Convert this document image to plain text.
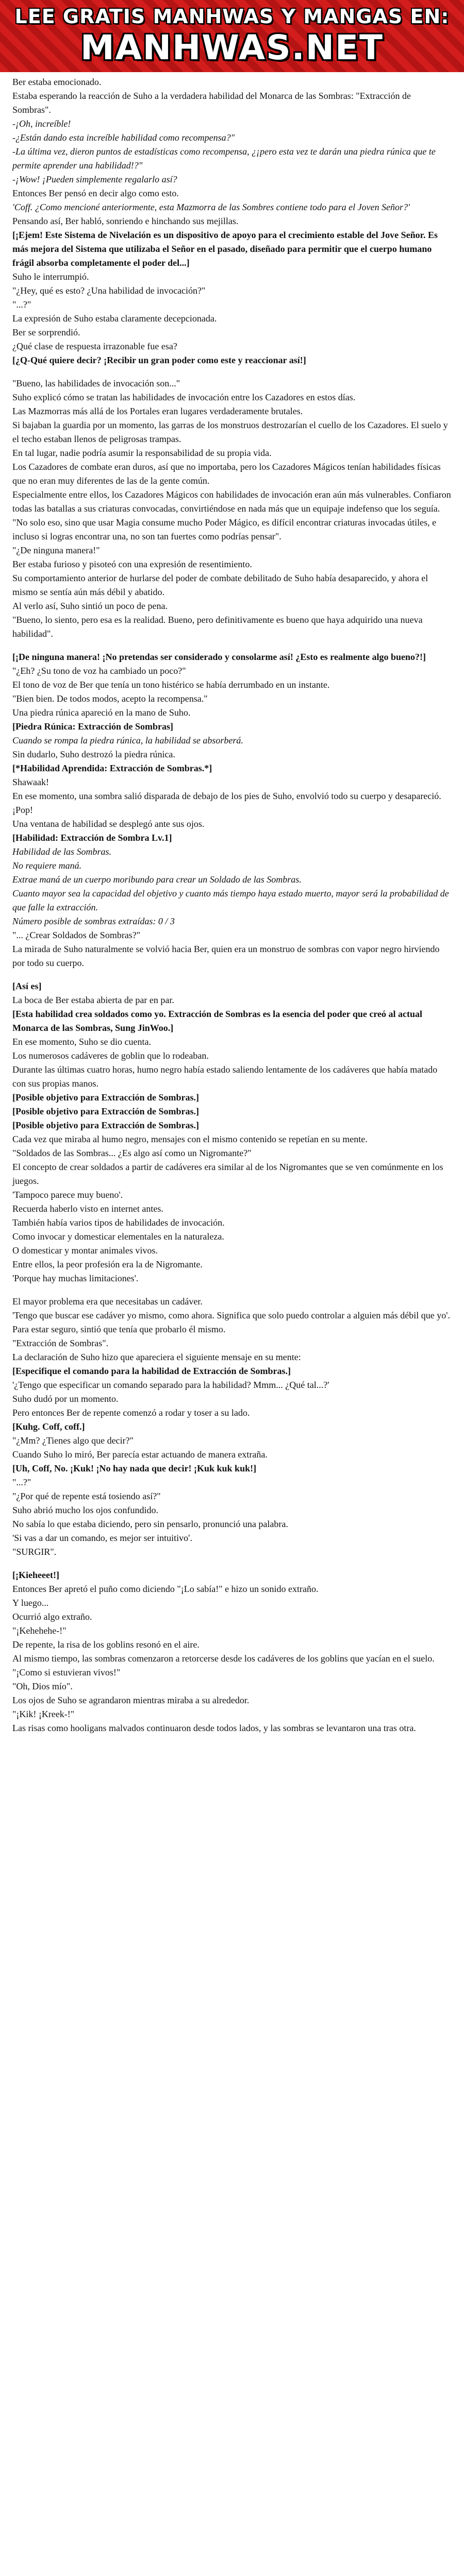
LEE GRATIS MANHWAS Y MANGAS EN:
MANHWAS.NET

Ber estaba emocionado.

Estaba esperando la reacción de Suho a la verdadera habilidad del Monarca de las Sombras: "Extracción de Sombras".

-¡Oh, increíble!

-¿Están dando esta increíble habilidad como recompensa?"

-La última vez, dieron puntos de estadísticas como recompensa, ¿¡pero esta vez te darán una piedra rúnica que te permite aprender una habilidad!?"

-¡Wow! ¡Pueden simplemente regalarlo así?

Entonces Ber pensó en decir algo como esto.

'Coff. ¿Como mencioné anteriormente, esta Mazmorra de las Sombres contiene todo para el Joven Señor?'

Pensando así, Ber habló, sonriendo e hinchando sus mejillas.

[¡Ejem! Este Sistema de Nivelación es un dispositivo de apoyo para el crecimiento estable del Jove Señor. Es más mejora del Sistema que utilizaba el Señor en el pasado, diseñado para permitir que el cuerpo humano frágil absorba completamente el poder del...]

Suho le interrumpió.

"¿Hey, qué es esto? ¿Una habilidad de invocación?"

"...?"

La expresión de Suho estaba claramente decepcionada.

Ber se sorprendió.

¿Qué clase de respuesta irrazonable fue esa?

[¿Q-Qué quiere decir? ¡Recibir un gran poder como este y reaccionar así!]

"Bueno, las habilidades de invocación son..."

Suho explicó cómo se tratan las habilidades de invocación entre los Cazadores en estos días.

Las Mazmorras más allá de los Portales eran lugares verdaderamente brutales.

Si bajaban la guardia por un momento, las garras de los monstruos destrozarían el cuello de los Cazadores. El suelo y el techo estaban llenos de peligrosas trampas.

En tal lugar, nadie podría asumir la responsabilidad de su propia vida.

Los Cazadores de combate eran duros, así que no importaba, pero los Cazadores Mágicos tenían habilidades físicas que no eran muy diferentes de las de la gente común.

Especialmente entre ellos, los Cazadores Mágicos con habilidades de invocación eran aún más vulnerables. Confiaron todas las batallas a sus criaturas convocadas, convirtiéndose en nada más que un equipaje indefenso que los seguía.

"No solo eso, sino que usar Magia consume mucho Poder Mágico, es difícil encontrar criaturas invocadas útiles, e incluso si logras encontrar una, no son tan fuertes como podrías pensar".

"¿De ninguna manera!"

Ber estaba furioso y pisoteó con una expresión de resentimiento.

Su comportamiento anterior de hurlarse del poder de combate debilitado de Suho había desaparecido, y ahora el mismo se sentía aún más débil y abatido.

Al verlo así, Suho sintió un poco de pena.

"Bueno, lo siento, pero esa es la realidad. Bueno, pero definitivamente es bueno que haya adquirido una nueva habilidad".

[¡De ninguna manera! ¡No pretendas ser considerado y consolarme así! ¿Esto es realmente algo bueno?!]

"¿Eh? ¿Su tono de voz ha cambiado un poco?"

El tono de voz de Ber que tenía un tono histérico se había derrumbado en un instante.

"Bien bien. De todos modos, acepto la recompensa."

Una piedra rúnica apareció en la mano de Suho.

[Piedra Rúnica: Extracción de Sombras]

Cuando se rompa la piedra rúnica, la habilidad se absorberá.

Sin dudarlo, Suho destrozó la piedra rúnica.

[*Habilidad Aprendida: Extracción de Sombras.*]

Shawaak!

En ese momento, una sombra salió disparada de debajo de los pies de Suho, envolvió todo su cuerpo y desapareció.

¡Pop!

Una ventana de habilidad se desplegó ante sus ojos.

[Habilidad: Extracción de Sombra Lv.1]

Habilidad de las Sombras.

No requiere maná.

Extrae maná de un cuerpo moribundo para crear un Soldado de las Sombras.

Cuanto mayor sea la capacidad del objetivo y cuanto más tiempo haya estado muerto, mayor será la probabilidad de que falle la extracción.

Número posible de sombras extraídas: 0 / 3

"... ¿Crear Soldados de Sombras?"

La mirada de Suho naturalmente se volvió hacia Ber, quien era un monstruo de sombras con vapor negro hirviendo por todo su cuerpo.

[Así es]

La boca de Ber estaba abierta de par en par.

[Esta habilidad crea soldados como yo. Extracción de Sombras es la esencia del poder que creó al actual Monarca de las Sombras, Sung JinWoo.]

En ese momento, Suho se dio cuenta.

Los numerosos cadáveres de goblin que lo rodeaban.

Durante las últimas cuatro horas, humo negro había estado saliendo lentamente de los cadáveres que había matado con sus propias manos.

[Posible objetivo para Extracción de Sombras.]

[Posible objetivo para Extracción de Sombras.]

[Posible objetivo para Extracción de Sombras.]

Cada vez que miraba al humo negro, mensajes con el mismo contenido se repetían en su mente.

"Soldados de las Sombras... ¿Es algo así como un Nigromante?"

El concepto de crear soldados a partir de cadáveres era similar al de los Nigromantes que se ven comúnmente en los juegos.

'Tampoco parece muy bueno'.

Recuerda haberlo visto en internet antes.

También había varios tipos de habilidades de invocación.

Como invocar y domesticar elementales en la naturaleza.

O domesticar y montar animales vivos.

Entre ellos, la peor profesión era la de Nigromante.

'Porque hay muchas limitaciones'.

El mayor problema era que necesitabas un cadáver.

'Tengo que buscar ese cadáver yo mismo, como ahora. Significa que solo puedo controlar a alguien más débil que yo'.

Para estar seguro, sintió que tenía que probarlo él mismo.

"Extracción de Sombras".

La declaración de Suho hizo que apareciera el siguiente mensaje en su mente:

[Especifique el comando para la habilidad de Extracción de Sombras.]

'¿Tengo que especificar un comando separado para la habilidad? Mmm... ¿Qué tal...?'

Suho dudó por un momento.

Pero entonces Ber de repente comenzó a rodar y toser a su lado.

[Kuhg. Coff, coff.]

"¿Mm? ¿Tienes algo que decir?"

Cuando Suho lo miró, Ber parecía estar actuando de manera extraña.

[Uh, Coff, No. ¡Kuk! ¡No hay nada que decir! ¡Kuk kuk kuk!]

"...?"

"¿Por qué de repente está tosiendo así?"

Suho abrió mucho los ojos confundido.

No sabía lo que estaba diciendo, pero sin pensarlo, pronunció una palabra.

'Si vas a dar un comando, es mejor ser intuitivo'.

"SURGIR".

[¡Kieheeet!]

Entonces Ber apretó el puño como diciendo "¡Lo sabía!" e hizo un sonido extraño.

Y luego...

Ocurrió algo extraño.

"¡Kehehehe-!"

De repente, la risa de los goblins resonó en el aire.

Al mismo tiempo, las sombras comenzaron a retorcerse desde los cadáveres de los goblins que yacían en el suelo.

"¡Como si estuvieran vivos!"

"Oh, Dios mío".

Los ojos de Suho se agrandaron mientras miraba a su alrededor.

"¡Kik! ¡Kreek-!"

Las risas como hooligans malvados continuaron desde todos lados, y las sombras se levantaron una tras otra.
